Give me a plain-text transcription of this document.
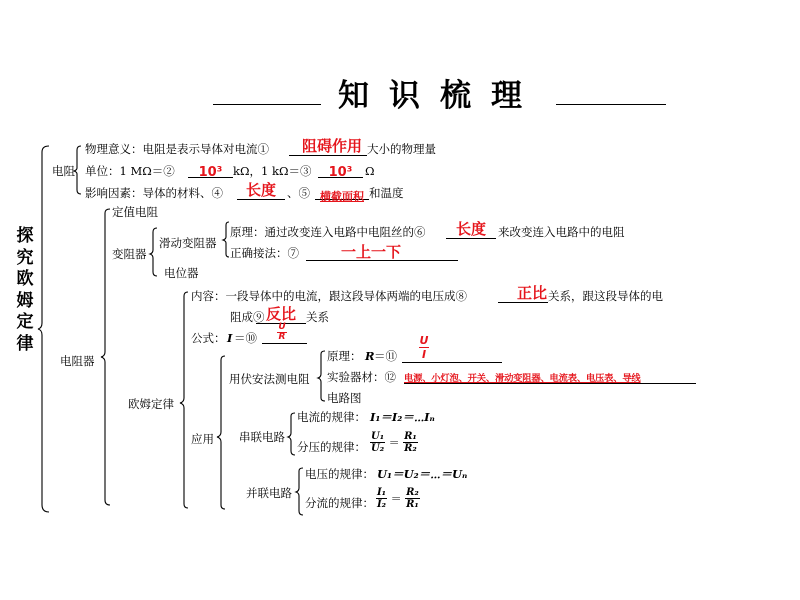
知识梳理
探究欧姆定律
电阻
物理意义：电阻是表示导体对电流①	阻碍作用 大小的物理量
单位：1 MΩ＝②	10³ kΩ，1 kΩ＝③	10³	Ω
影响因素：导体的材料、④	长度 、⑤ 横截面积 和温度
电阻器
定值电阻
变阻器
滑动变阻器
原理：通过改变连入电路中电阻丝的⑥	长度	来改变连入电路中的电阻
正确接法：⑦	一上一下
电位器
欧姆定律
内容：一段导体中的电流，跟这段导体两端的电压成⑧	正比 关系，跟这段导体的电
阻成⑨ 反比 关系
公式： I ＝⑩ $\frac{U}{R}$
应用
用伏安法测电阻
原理： R ＝⑪ $\frac{U}{I}$
实验器材：⑫ 电源、小灯泡、开关、滑动变阻器、电流表、电压表、导线
电路图
串联电路
电流的规律： I₁＝I₂＝⋯Iₙ
分压的规律： $\frac{\text{U₁}}{\text{U₂}} = \frac{\text{R₁}}{\text{R₂}}$
并联电路
电压的规律： U₁＝U₂＝⋯＝Uₙ
分流的规律： $\frac{\text{I₁}}{\text{I₂}} = \frac{\text{R₂}}{\text{R₁}}$
